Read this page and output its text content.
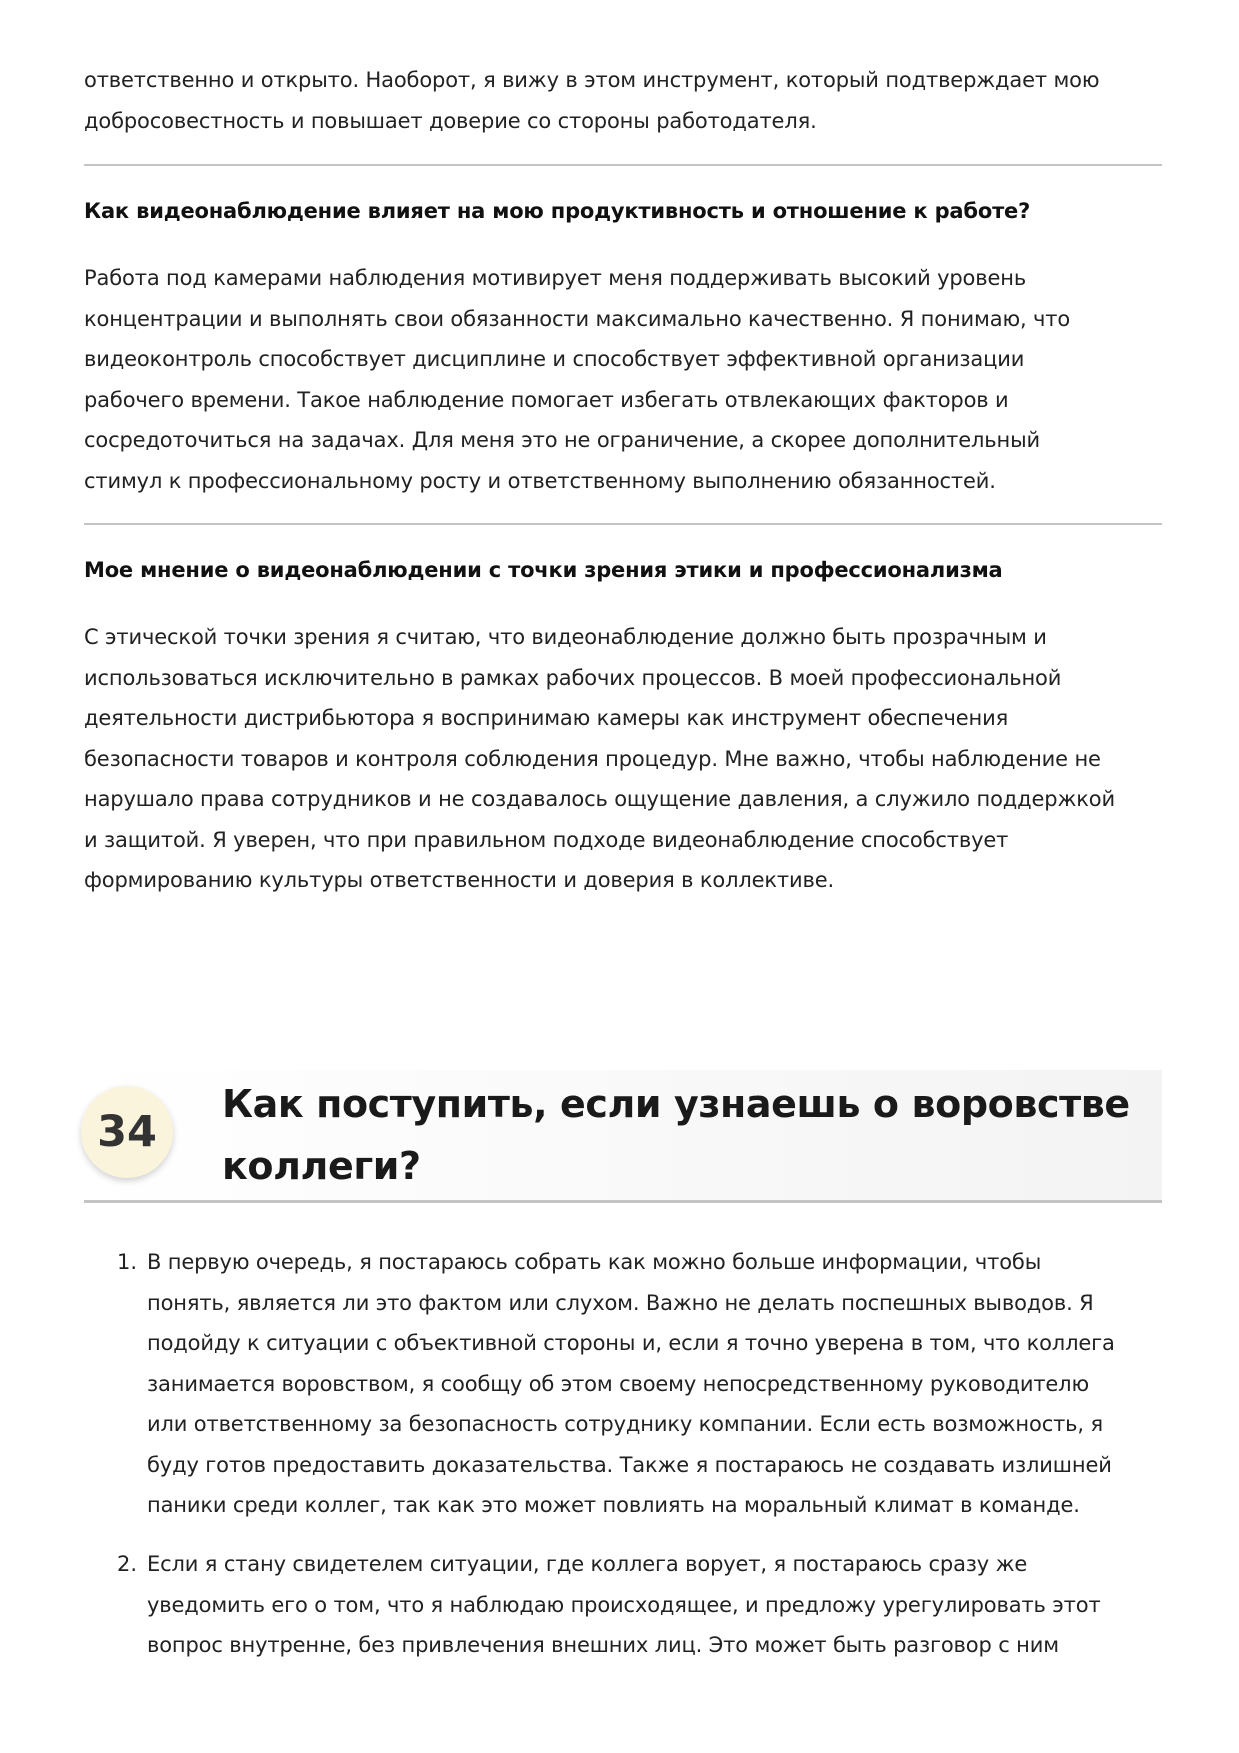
ответственно и открыто. Наоборот, я вижу в этом инструмент, который подтверждает мою
добросовестность и повышает доверие со стороны работодателя.

Как видеонаблюдение влияет на мою продуктивность и отношение к работе?

Работа под камерами наблюдения мотивирует меня поддерживать высокий уровень
концентрации и выполнять свои обязанности максимально качественно. Я понимаю, что
видеоконтроль способствует дисциплине и способствует эффективной организации
рабочего времени. Такое наблюдение помогает избегать отвлекающих факторов и
сосредоточиться на задачах. Для меня это не ограничение, а скорее дополнительный
стимул к профессиональному росту и ответственному выполнению обязанностей.

Мое мнение о видеонаблюдении с точки зрения этики и профессионализма

С этической точки зрения я считаю, что видеонаблюдение должно быть прозрачным и
использоваться исключительно в рамках рабочих процессов. В моей профессиональной
деятельности дистрибьютора я воспринимаю камеры как инструмент обеспечения
безопасности товаров и контроля соблюдения процедур. Мне важно, чтобы наблюдение не
нарушало права сотрудников и не создавалось ощущение давления, а служило поддержкой
и защитой. Я уверен, что при правильном подходе видеонаблюдение способствует
формированию культуры ответственности и доверия в коллективе.

34
Как поступить, если узнаешь о воровстве
коллеги?
1. В первую очередь, я постараюсь собрать как можно больше информации, чтобы
понять, является ли это фактом или слухом. Важно не делать поспешных выводов. Я
подойду к ситуации с объективной стороны и, если я точно уверена в том, что коллега
занимается воровством, я сообщу об этом своему непосредственному руководителю
или ответственному за безопасность сотруднику компании. Если есть возможность, я
буду готов предоставить доказательства. Также я постараюсь не создавать излишней
паники среди коллег, так как это может повлиять на моральный климат в команде.

2. Если я стану свидетелем ситуации, где коллега ворует, я постараюсь сразу же
уведомить его о том, что я наблюдаю происходящее, и предложу урегулировать этот
вопрос внутренне, без привлечения внешних лиц. Это может быть разговор с ним
